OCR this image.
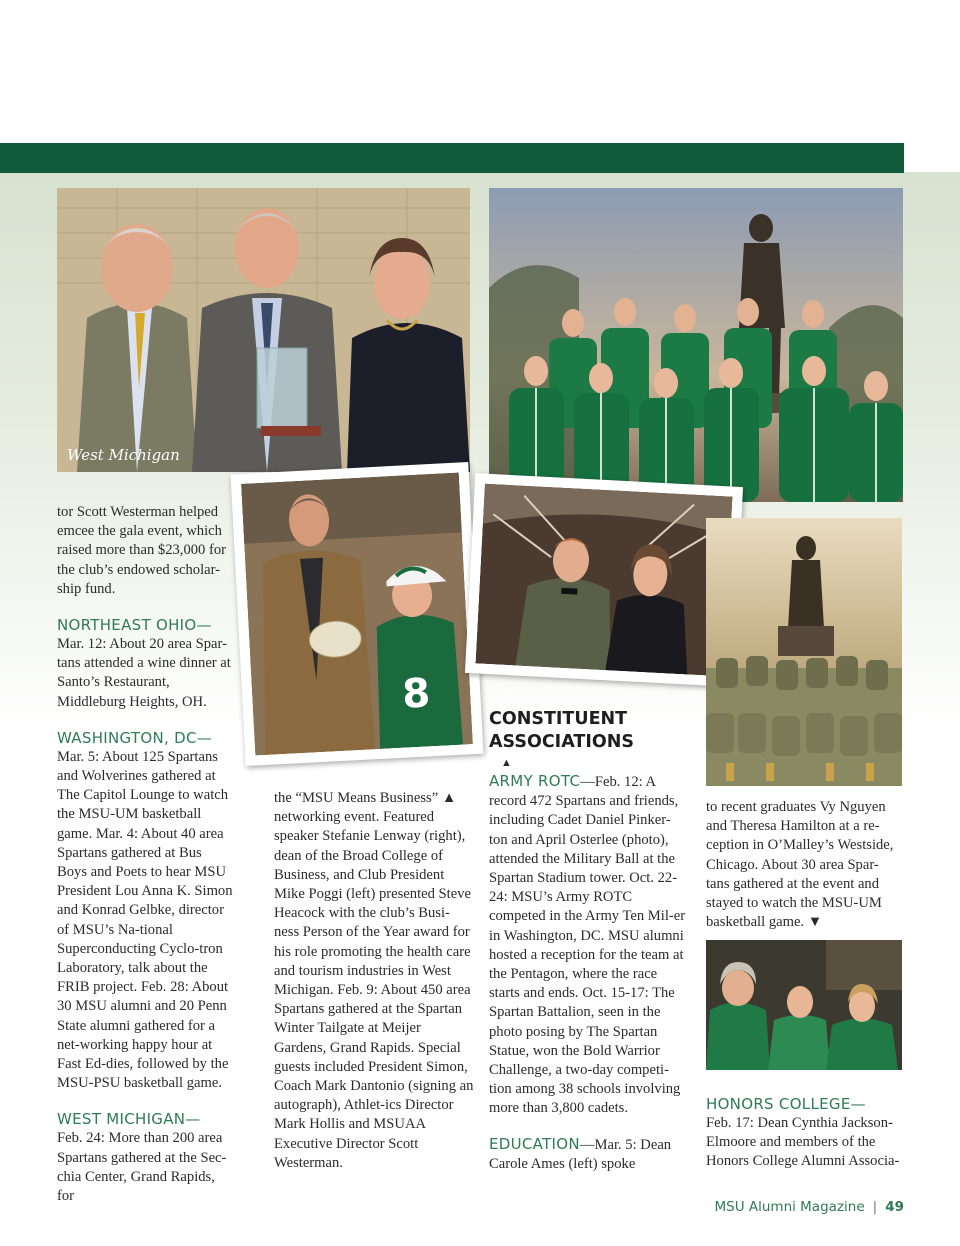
West Michigan
8

tor Scott Westerman helped emcee the gala event, which raised more than $23,000 for the club’s endowed scholar-ship fund.

NORTHEAST OHIO—

Mar. 12: About 20 area Spar-tans attended a wine dinner at Santo’s Restaurant, Middleburg Heights, OH.

WASHINGTON, DC—

Mar. 5: About 125 Spartans and Wolverines gathered at The Capitol Lounge to watch the MSU-UM basketball game. Mar. 4: About 40 area Spartans gathered at Bus Boys and Poets to hear MSU President Lou Anna K. Simon and Konrad Gelbke, director of MSU’s Na-tional Superconducting Cyclo-tron Laboratory, talk about the FRIB project. Feb. 28: About 30 MSU alumni and 20 Penn State alumni gathered for a net-working happy hour at Fast Ed-dies, followed by the MSU-PSU basketball game.

WEST MICHIGAN—

Feb. 24: More than 200 area Spartans gathered at the Sec-chia Center, Grand Rapids, for

the “MSU Means Business” ▲ networking event. Featured speaker Stefanie Lenway (right), dean of the Broad College of Business, and Club President Mike Poggi (left) presented Steve Heacock with the club’s Busi-ness Person of the Year award for his role promoting the health care and tourism industries in West Michigan. Feb. 9: About 450 area Spartans gathered at the Spartan Winter Tailgate at Meijer Gardens, Grand Rapids. Special guests included President Simon, Coach Mark Dantonio (signing an autograph), Athlet-ics Director Mark Hollis and MSUAA Executive Director Scott Westerman.

CONSTITUENT
ASSOCIATIONS

▲

ARMY ROTC—Feb. 12: A record 472 Spartans and friends, including Cadet Daniel Pinker-ton and April Osterlee (photo), attended the Military Ball at the Spartan Stadium tower. Oct. 22-24: MSU’s Army ROTC competed in the Army Ten Mil-er in Washington, DC. MSU alumni hosted a reception for the team at the Pentagon, where the race starts and ends. Oct. 15-17: The Spartan Battalion, seen in the photo posing by The Spartan Statue, won the Bold Warrior Challenge, a two-day competi-tion among 38 schools involving more than 3,800 cadets.

EDUCATION—Mar. 5: Dean Carole Ames (left) spoke

to recent graduates Vy Nguyen and Theresa Hamilton at a re-ception in O’Malley’s Westside, Chicago. About 30 area Spar-tans gathered at the event and stayed to watch the MSU-UM basketball game. ▼

HONORS COLLEGE—

Feb. 17: Dean Cynthia Jackson-Elmoore and members of the Honors College Alumni Associa-

MSU Alumni Magazine | 49
